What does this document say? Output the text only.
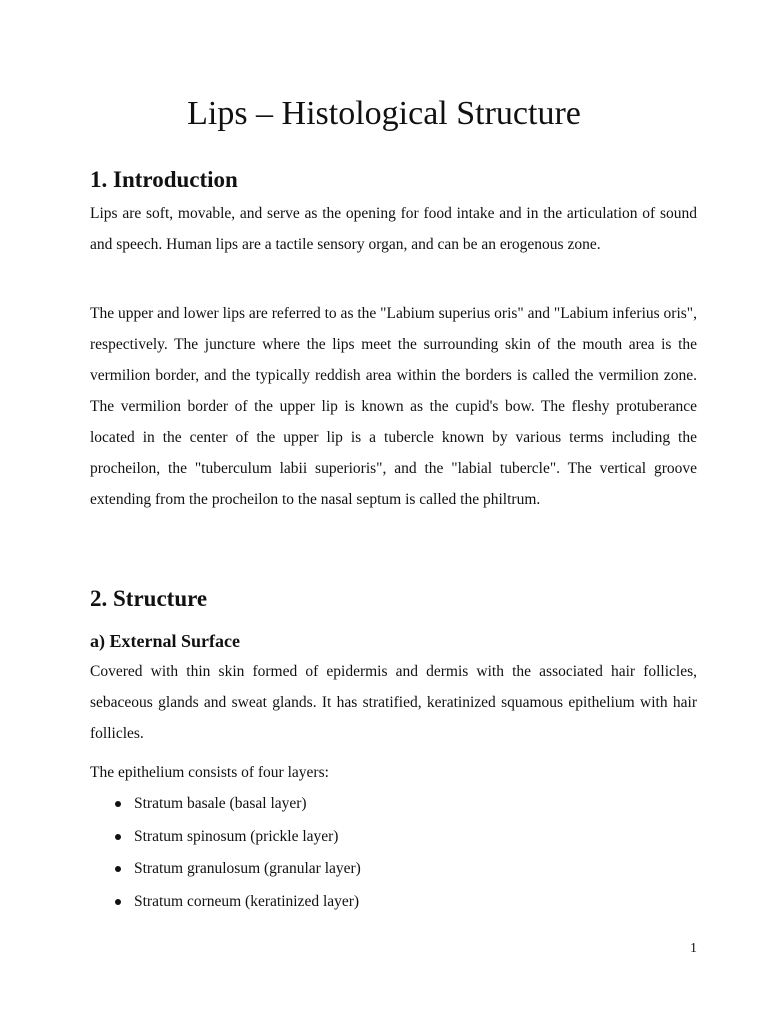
Lips – Histological Structure
1. Introduction

Lips are soft, movable, and serve as the opening for food intake and in the articulation of sound and speech. Human lips are a tactile sensory organ, and can be an erogenous zone.

The upper and lower lips are referred to as the "Labium superius oris" and "Labium inferius oris", respectively. The juncture where the lips meet the surrounding skin of the mouth area is the vermilion border, and the typically reddish area within the borders is called the vermilion zone. The vermilion border of the upper lip is known as the cupid's bow. The fleshy protuberance located in the center of the upper lip is a tubercle known by various terms including the procheilon, the "tuberculum labii superioris", and the "labial tubercle". The vertical groove extending from the procheilon to the nasal septum is called the philtrum.

2. Structure
a) External Surface

Covered with thin skin formed of epidermis and dermis with the associated hair follicles, sebaceous glands and sweat glands. It has stratified, keratinized squamous epithelium with hair follicles.

The epithelium consists of four layers:

Stratum basale (basal layer)
Stratum spinosum (prickle layer)
Stratum granulosum (granular layer)
Stratum corneum (keratinized layer)
1
